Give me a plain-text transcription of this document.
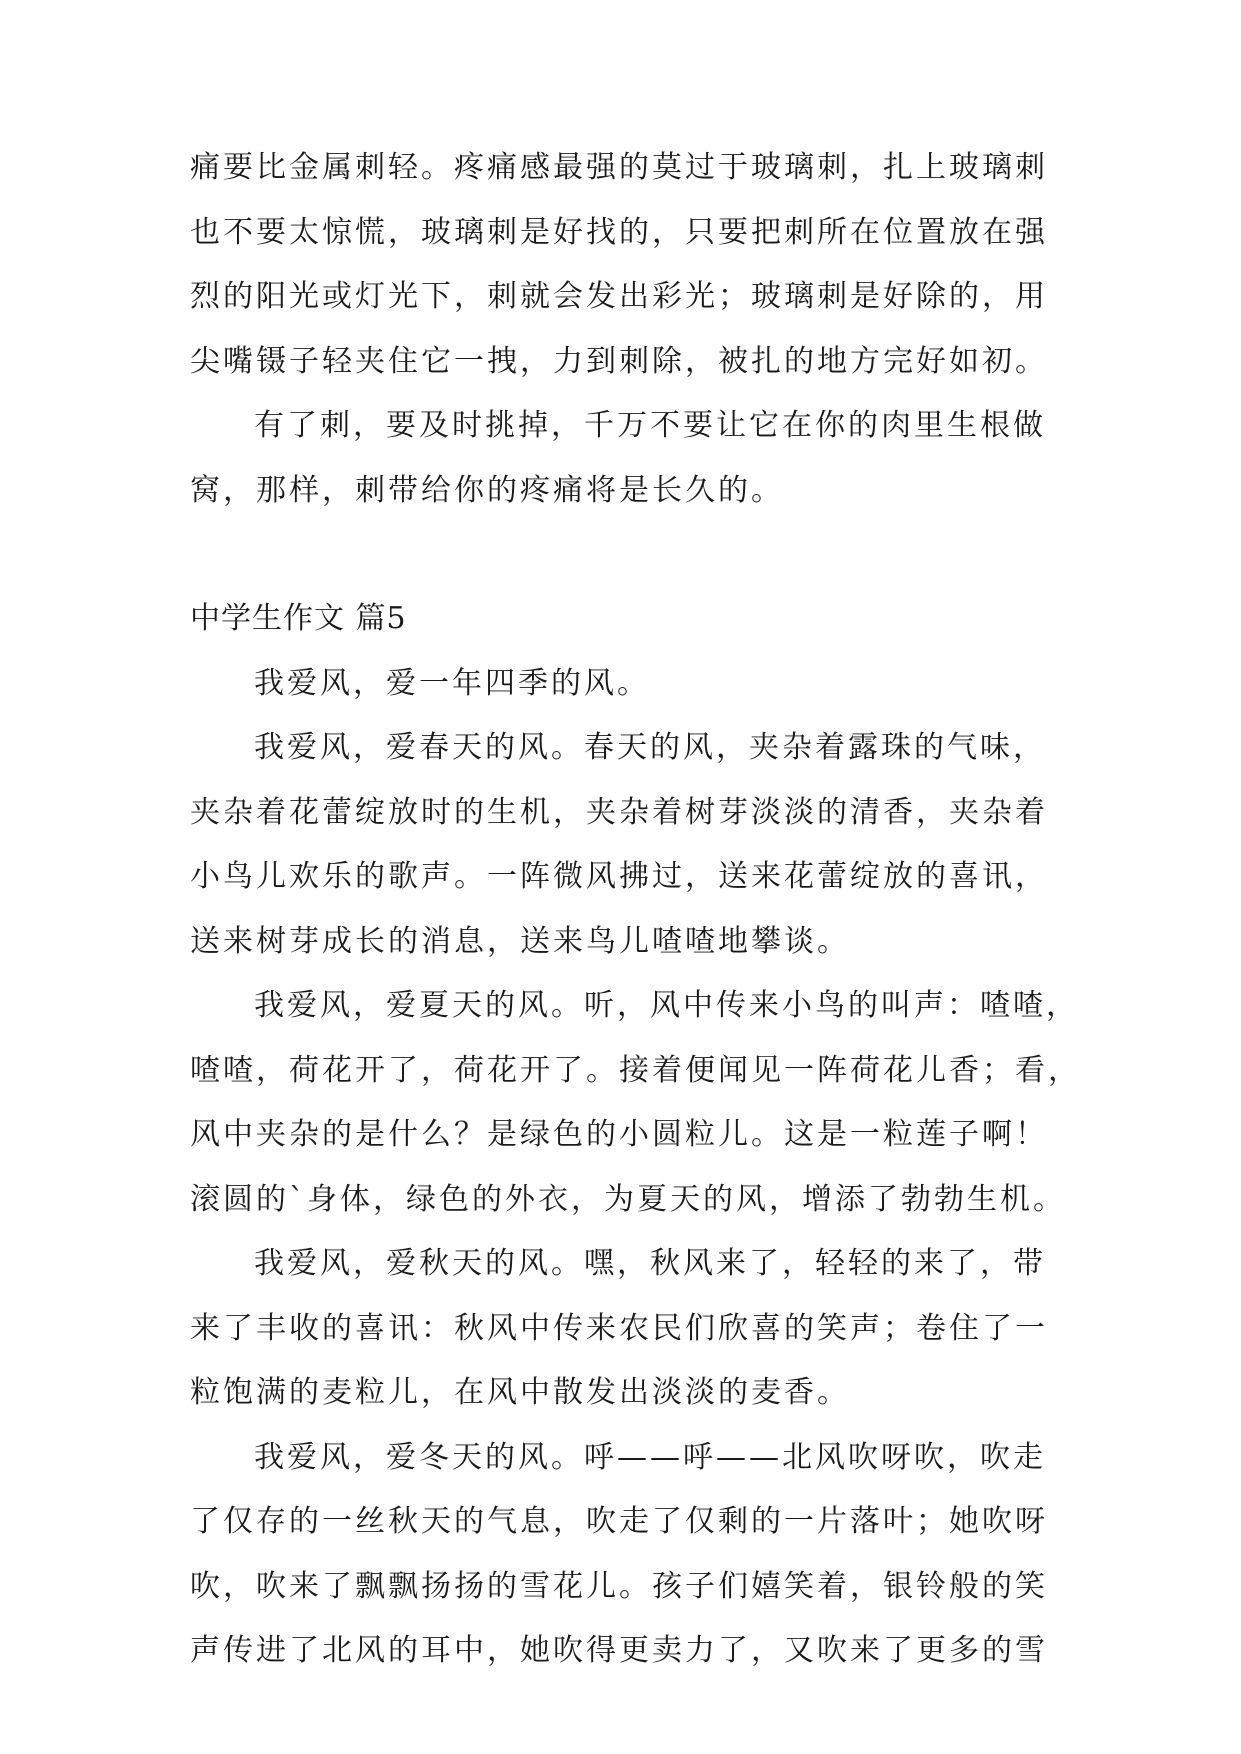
痛要比金属刺轻。疼痛感最强的莫过于玻璃刺，扎上玻璃刺
也不要太惊慌，玻璃刺是好找的，只要把刺所在位置放在强
烈的阳光或灯光下，刺就会发出彩光；玻璃刺是好除的，用
尖嘴镊子轻夹住它一拽，力到刺除，被扎的地方完好如初。
有了刺，要及时挑掉，千万不要让它在你的肉里生根做
窝，那样，刺带给你的疼痛将是长久的。
中学生作文 篇5
我爱风，爱一年四季的风。
我爱风，爱春天的风。春天的风，夹杂着露珠的气味，
夹杂着花蕾绽放时的生机，夹杂着树芽淡淡的清香，夹杂着
小鸟儿欢乐的歌声。一阵微风拂过，送来花蕾绽放的喜讯，
送来树芽成长的消息，送来鸟儿喳喳地攀谈。
我爱风，爱夏天的风。听，风中传来小鸟的叫声：喳喳，
喳喳，荷花开了，荷花开了。接着便闻见一阵荷花儿香；看，
风中夹杂的是什么？是绿色的小圆粒儿。这是一粒莲子啊！
滚圆的`身体，绿色的外衣，为夏天的风，增添了勃勃生机。
我爱风，爱秋天的风。嘿，秋风来了，轻轻的来了，带
来了丰收的喜讯：秋风中传来农民们欣喜的笑声；卷住了一
粒饱满的麦粒儿，在风中散发出淡淡的麦香。
我爱风，爱冬天的风。呼——呼——北风吹呀吹，吹走
了仅存的一丝秋天的气息，吹走了仅剩的一片落叶；她吹呀
吹，吹来了飘飘扬扬的雪花儿。孩子们嬉笑着，银铃般的笑
声传进了北风的耳中，她吹得更卖力了，又吹来了更多的雪
